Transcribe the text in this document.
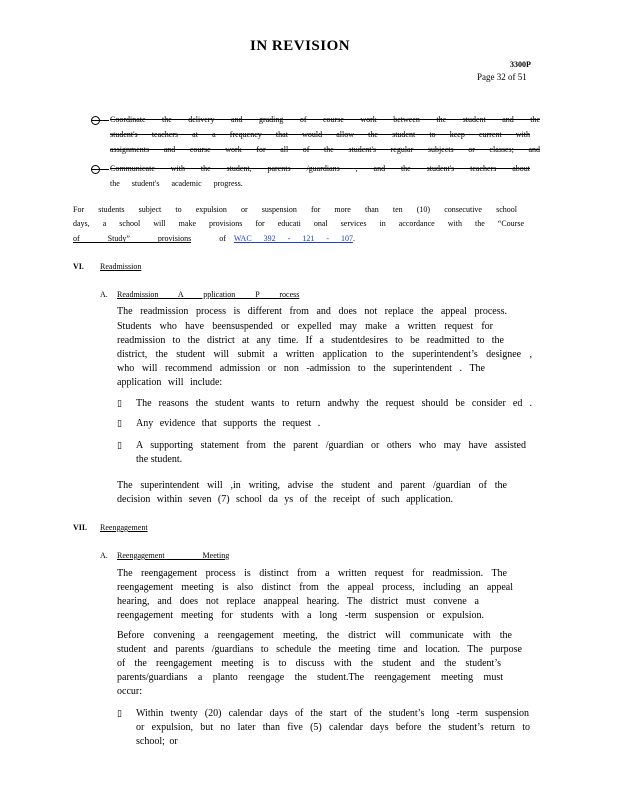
IN REVISION
3300P
Page 32 of 51
Coordinate the delivery and grading of course work between the student and the
student's teachers at a frequency that would allow the student to keep current with
assignments and course work for all of the student's regular subjects or classes; and
Communicate with the student, parents /guardians , and the student's teachers about
the student's academic progress.
For students subject to expulsion or suspension for more than ten (10) consecutive school
days, a school will make provisions for educati onal services in accordance with the “Course
of Study” provisions of WAC 392 - 121 - 107.
VI. Readmission
A. Readmission A pplication P rocess
The readmission process is different from and does not replace the appeal process.
Students who have beensuspended or expelled may make a written request for
readmission to the district at any time. If a studentdesires to be readmitted to the
district, the student will submit a written application to the superintendent’s designee ,
who will recommend admission or non -admission to the superintendent . The
application will include:
▯ The reasons the student wants to return andwhy the request should be consider ed .
▯ Any evidence that supports the request .
▯ A supporting statement from the parent /guardian or others who may have assisted
the student.
The superintendent will ,in writing, advise the student and parent /guardian of the
decision within seven (7) school da ys of the receipt of such application.
VII. Reengagement
A. Reengagement Meeting
The reengagement process is distinct from a written request for readmission. The
reengagement meeting is also distinct from the appeal process, including an appeal
hearing, and does not replace anappeal hearing. The district must convene a
reengagement meeting for students with a long -term suspension or expulsion.
Before convening a reengagement meeting, the district will communicate with the
student and parents /guardians to schedule the meeting time and location. The purpose
of the reengagement meeting is to discuss with the student and the student’s
parents/guardians a planto reengage the student.The reengagement meeting must
occur:
▯ Within twenty (20) calendar days of the start of the student’s long -term suspension
or expulsion, but no later than five (5) calendar days before the student’s return to
school; or
